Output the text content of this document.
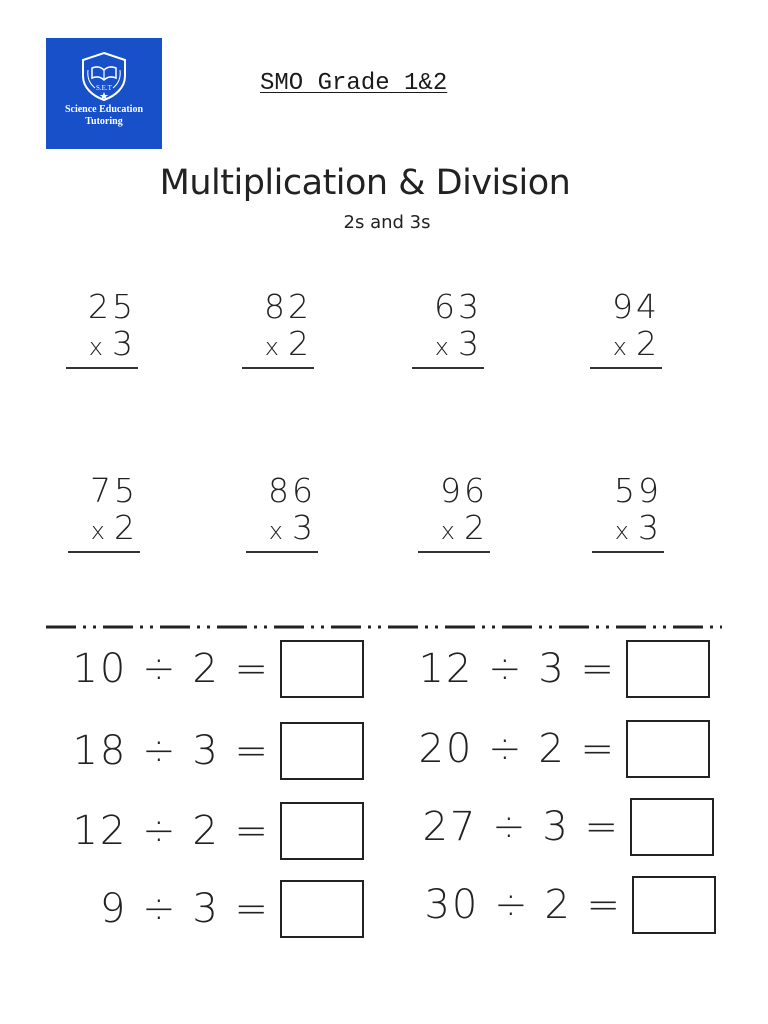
S.E.T
Science Education Tutoring
SMO Grade 1&2
Multiplication & Division
2s and 3s
25
x 3
82
x 2
63
x 3
94
x 2
75
x 2
86
x 3
96
x 2
59
x 3
10 ÷ 2 =	12 ÷ 3 =
18 ÷ 3 =	20 ÷ 2 =
12 ÷ 2 =	27 ÷ 3 =
9 ÷ 3 =	30 ÷ 2 =
